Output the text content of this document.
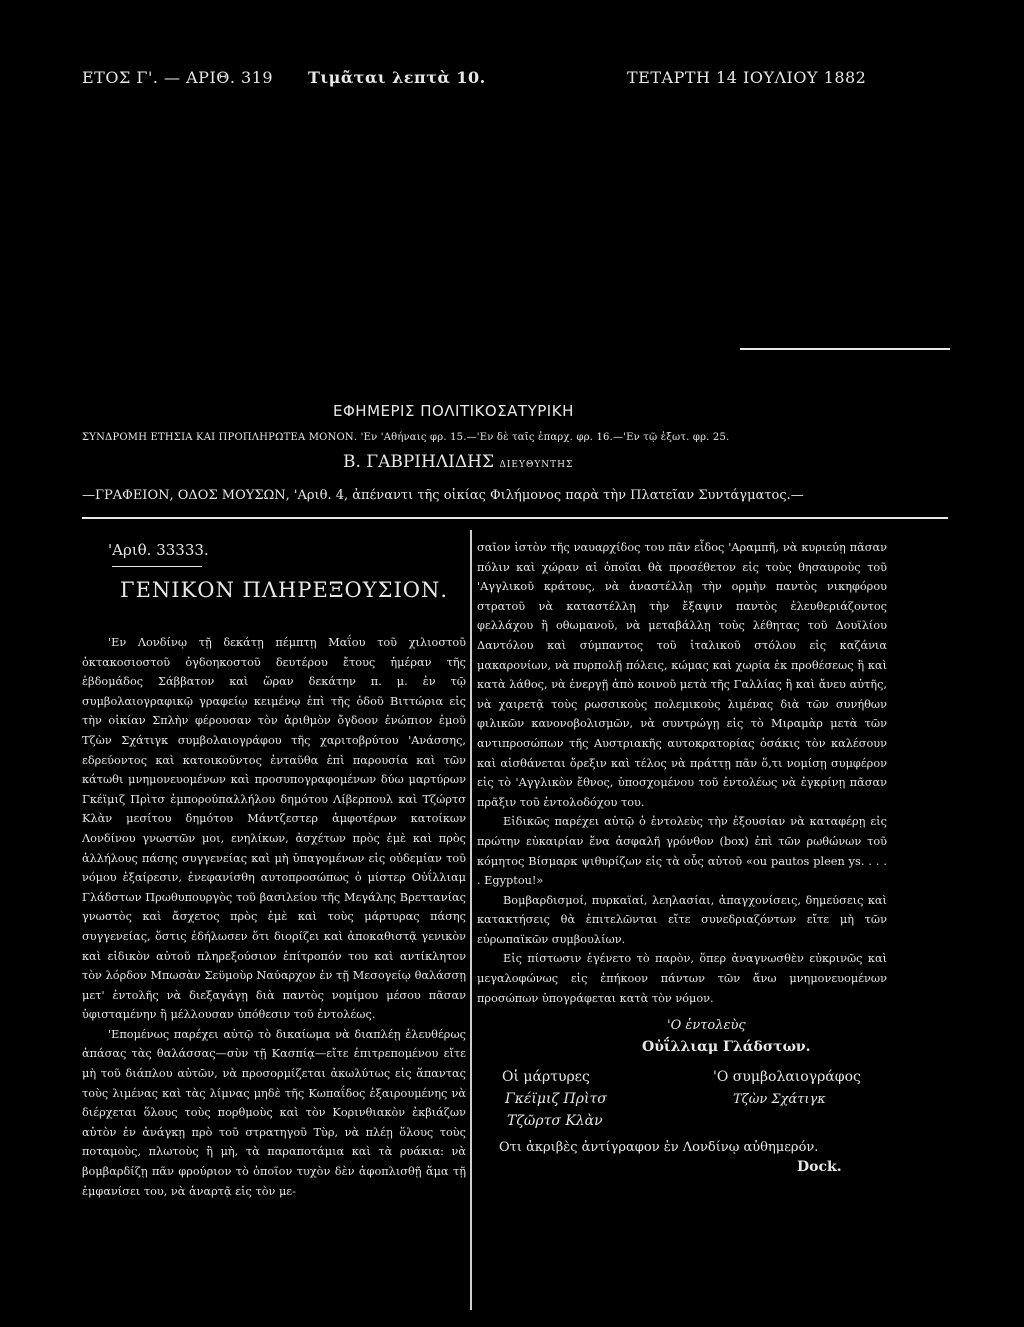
ΕΤΟΣ Γ'. — ΑΡΙΘ. 319 Τιμᾶται λεπτὰ 10.	ΤΕΤΑΡΤΗ 14 ΙΟΥΛΙΟΥ 1882
ΕΦΗΜΕΡΙΣ ΠΟΛΙΤΙΚΟΣΑΤΥΡΙΚΗ
ΣΥΝΔΡΟΜΗ ΕΤΗΣΙΑ ΚΑΙ ΠΡΟΠΛΗΡΩΤΕΑ ΜΟΝΟΝ. 'Εν 'Αθήναις φρ. 15.—'Εν δὲ ταῖς ἐπαρχ. φρ. 16.—'Εν τῷ ἐξωτ. φρ. 25.
Β. ΓΑΒΡΙΗΛΙΔΗΣ ΔΙΕΥΘΥΝΤΗΣ
—ΓΡΑΦΕΙΟΝ, ΟΔΟΣ ΜΟΥΣΩΝ, 'Αριθ. 4, ἀπέναντι τῆς οἰκίας Φιλήμονος παρὰ τὴν Πλατεῖαν Συντάγματος.—
'Αριθ. 33333.
ΓΕΝΙΚΟΝ ΠΛΗΡΕΞΟΥΣΙΟΝ.

'Εν Λονδίνῳ τῇ δεκάτῃ πέμπτῃ Μαΐου τοῦ χιλιοστοῦ ὀκτακοσιοστοῦ ὀγδοηκοστοῦ δευτέρου ἔτους ἡμέραν τῆς ἑβδομάδος Σάββατον καὶ ὥραν δεκάτην π. μ. ἐν τῷ συμβολαιογραφικῷ γραφείῳ κειμένῳ ἐπὶ τῆς ὁδοῦ Βιττώρια εἰς τὴν οἰκίαν Σπλὴν φέρουσαν τὸν ἀριθμὸν ὄγδοον ἐνώπιον ἐμοῦ Τζὼν Σχάτιγκ συμβολαιογράφου τῆς χαριτοβρύτου 'Ανάσσης, εδρεύοντος καὶ κατοικοῦντος ἐνταῦθα ἐπὶ παρουσία καὶ τῶν κάτωθι μνημονευομένων καὶ προσυπογραφομένων δύω μαρτύρων Γκέϊμιζ Πρὶτσ ἐμπορούπαλλήλου δημότου Λίβερπουλ καὶ Τζώρτσ Κλὰν μεσίτου δημότου Μάντζεστερ ἀμφοτέρων κατοίκων Λονδίνου γνωστῶν μοι, ενηλίκων, ἀσχέτων πρὸς ἐμὲ καὶ πρὸς ἀλλήλους πάσης συγγενείας καὶ μὴ ὑπαγομένων εἰς οὐδεμίαν τοῦ νόμου ἐξαίρεσιν, ἐνεφανίσθη αυτοπροσώπως ὁ μίστερ Οὐΐλλιαμ Γλάδστων Πρωθυπουργὸς τοῦ βασιλείου τῆς Μεγάλης Βρεττανίας γνωστὸς καὶ ἄσχετος πρὸς ἐμὲ καὶ τοὺς μάρτυρας πάσης συγγενείας, ὅστις ἐδήλωσεν ὅτι διορίζει καὶ ἀποκαθιστᾷ γενικὸν καὶ εἰδικὸν αὐτοῦ πληρεξούσιον ἐπίτροπόν του καὶ αντίκλητον τὸν λόρδον Μπωσὰν Σεϋμοὺρ Ναύαρχον ἐν τῇ Μεσογείῳ θαλάσσῃ μετ' ἐντολῆς νὰ διεξαγάγῃ διὰ παντὸς νομίμου μέσου πᾶσαν ὑφισταμένην ἢ μέλλουσαν ὑπόθεσιν τοῦ ἐντολέως.

'Επομένως παρέχει αὐτῷ τὸ δικαίωμα νὰ διαπλέῃ ἐλευθέρως ἁπάσας τὰς θαλάσσας—σὺν τῇ Κασπίᾳ—εἴτε ἐπιτρεπομένου εἴτε μὴ τοῦ διάπλου αὐτῶν, νὰ προσορμίζεται ἀκωλύτως εἰς ἅπαντας τοὺς λιμένας καὶ τὰς λίμνας μηδὲ τῆς Κωπαΐδος ἐξαιρουμένης νὰ διέρχεται ὅλους τοὺς πορθμοὺς καὶ τὸν Κορινθιακὸν ἐκβιάζων αὐτὸν ἐν ἀνάγκῃ πρὸ τοῦ στρατηγοῦ Τὺρ, νὰ πλέῃ ὅλους τοὺς ποταμοὺς, πλωτοὺς ἢ μὴ, τὰ παραποτάμια καὶ τὰ ρυάκια: νὰ βομβαρδίζῃ πᾶν φρούριον τὸ ὁποῖον τυχὸν δὲν ἀφοπλισθῇ ἅμα τῇ ἐμφανίσει του, νὰ ἀναρτᾷ εἰς τὸν με-

σαῖον ἱστὸν τῆς ναυαρχίδος του πᾶν εἶδος 'Αραμπῆ, νὰ κυριεύῃ πᾶσαν πόλιν καὶ χώραν αἱ ὁποῖαι θὰ προσέθετον εἰς τοὺς θησαυροὺς τοῦ 'Αγγλικοῦ κράτους, νὰ ἀναστέλλῃ τὴν ορμὴν παντὸς νικηφόρου στρατοῦ νὰ καταστέλλῃ τὴν ἔξαψιν παντὸς ἐλευθεριάζοντος φελλάχου ἢ οθωμανοῦ, νὰ μεταβάλλῃ τοὺς λέθητας τοῦ Δουϊλίου Δαντόλου καὶ σύμπαντος τοῦ ἰταλικοῦ στόλου εἰς καζάνια μακαρονίων, νὰ πυρπολῇ πόλεις, κώμας καὶ χωρία ἐκ προθέσεως ἢ καὶ κατὰ λάθος, νὰ ἐνεργῇ ἀπὸ κοινοῦ μετὰ τῆς Γαλλίας ἢ καὶ ἄνευ αὐτῆς, νὰ χαιρετᾷ τοὺς ρωσσικοὺς πολεμικοὺς λιμένας διὰ τῶν συνήθων φιλικῶν κανονοβολισμῶν, νὰ συντρώγῃ εἰς τὸ Μιραμὰρ μετὰ τῶν αντιπροσώπων τῆς Αυστριακῆς αυτοκρατορίας ὁσάκις τὸν καλέσουν καὶ αἰσθάνεται ὄρεξιν καὶ τέλος νὰ πράττῃ πᾶν ὅ,τι νομίσῃ συμφέρον εἰς τὸ 'Αγγλικὸν ἔθνος, ὑποσχομένου τοῦ ἐντολέως νὰ ἐγκρίνῃ πᾶσαν πρᾶξιν τοῦ ἐντολοδόχου του.

Εἰδικῶς παρέχει αὐτῷ ὁ ἐντολεὺς τὴν ἐξουσίαν νὰ καταφέρῃ εἰς πρώτην εὐκαιρίαν ἕνα ἀσφαλῆ γρόνθον (box) ἐπὶ τῶν ρωθώνων τοῦ κόμητος Βίσμαρκ ψιθυρίζων εἰς τὰ οὖς αὐτοῦ «ou pautos pleen ys. . . . . Egyptou!»

Βομβαρδισμοί, πυρκαϊαί, λεηλασίαι, ἀπαγχονίσεις, δημεύσεις καὶ κατακτήσεις θὰ ἐπιτελῶνται εἴτε συνεδριαζόντων εἴτε μὴ τῶν εὐρωπαϊκῶν συμβουλίων.

Εἰς πίστωσιν ἐγένετο τὸ παρὸν, ὅπερ ἀναγνωσθὲν εὐκρινῶς καὶ μεγαλοφώνως εἰς ἐπήκοον πάντων τῶν ἄνω μνημονευομένων προσώπων ὑπογράφεται κατὰ τὸν νόμον.

'Ο ἐντολεὺς
Οὐΐλλιαμ Γλάδστων.
Οἱ μάρτυρες	'Ο συμβολαιογράφος
Γκέϊμιζ Πρὶτσ	Τζὼν Σχάτιγκ
Τζῶρτσ Κλὰν
Οτι ἀκριβὲς ἀντίγραφον ἐν Λονδίνῳ αὐθημερόν.
Dock.
